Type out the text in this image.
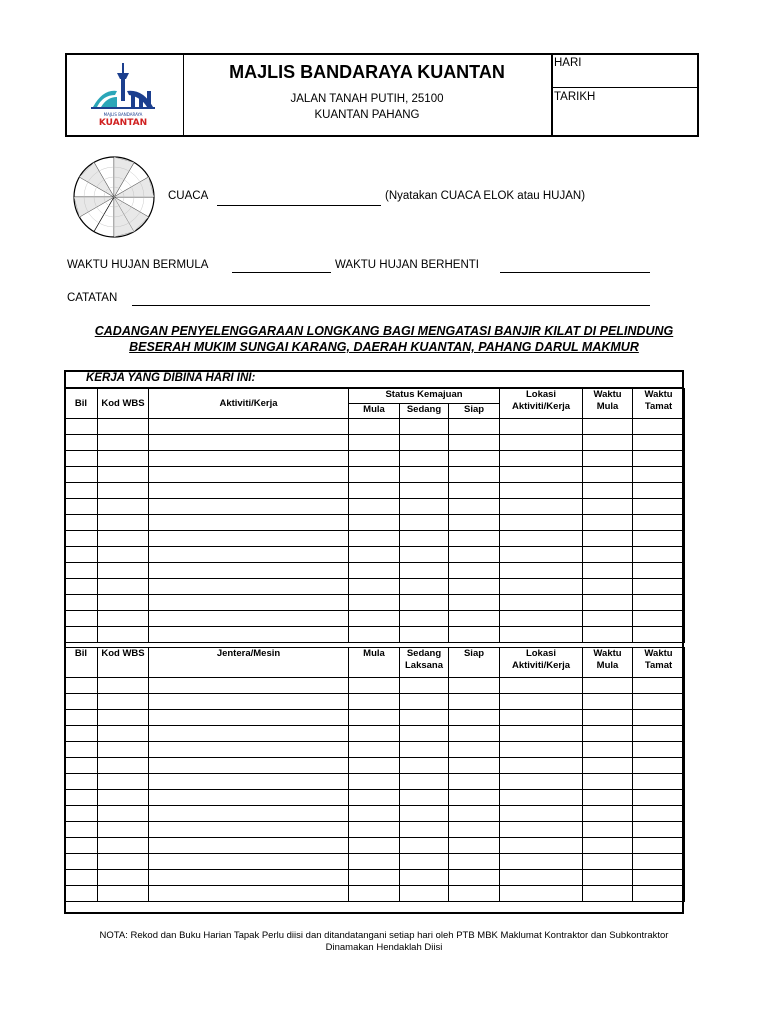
MAJLIS BANDARAYA
KUANTAN
MAJLIS BANDARAYA KUANTAN
JALAN TANAH PUTIH, 25100
KUANTAN PAHANG
HARI
TARIKH
CUACA	(Nyatakan CUACA ELOK atau HUJAN)
WAKTU HUJAN BERMULA	WAKTU HUJAN BERHENTI
CATATAN
CADANGAN PENYELENGGARAAN LONGKANG BAGI MENGATASI BANJIR KILAT DI PELINDUNG
BESERAH MUKIM SUNGAI KARANG, DAERAH KUANTAN, PAHANG DARUL MAKMUR
KERJA YANG DIBINA HARI INI:
Bil	Kod WBS	Aktiviti/Kerja	Status Kemajuan			Lokasi Aktiviti/Kerja	Waktu Mula	Waktu Tamat
			Mula	Sedang	Siap			

Bil	Kod WBS	Jentera/Mesin	Mula	Sedang Laksana	Siap	Lokasi Aktiviti/Kerja	Waktu Mula	Waktu Tamat

NOTA: Rekod dan Buku Harian Tapak Perlu diisi dan ditandatangani setiap hari oleh PTB MBK Maklumat Kontraktor dan Subkontraktor
Dinamakan Hendaklah Diisi
